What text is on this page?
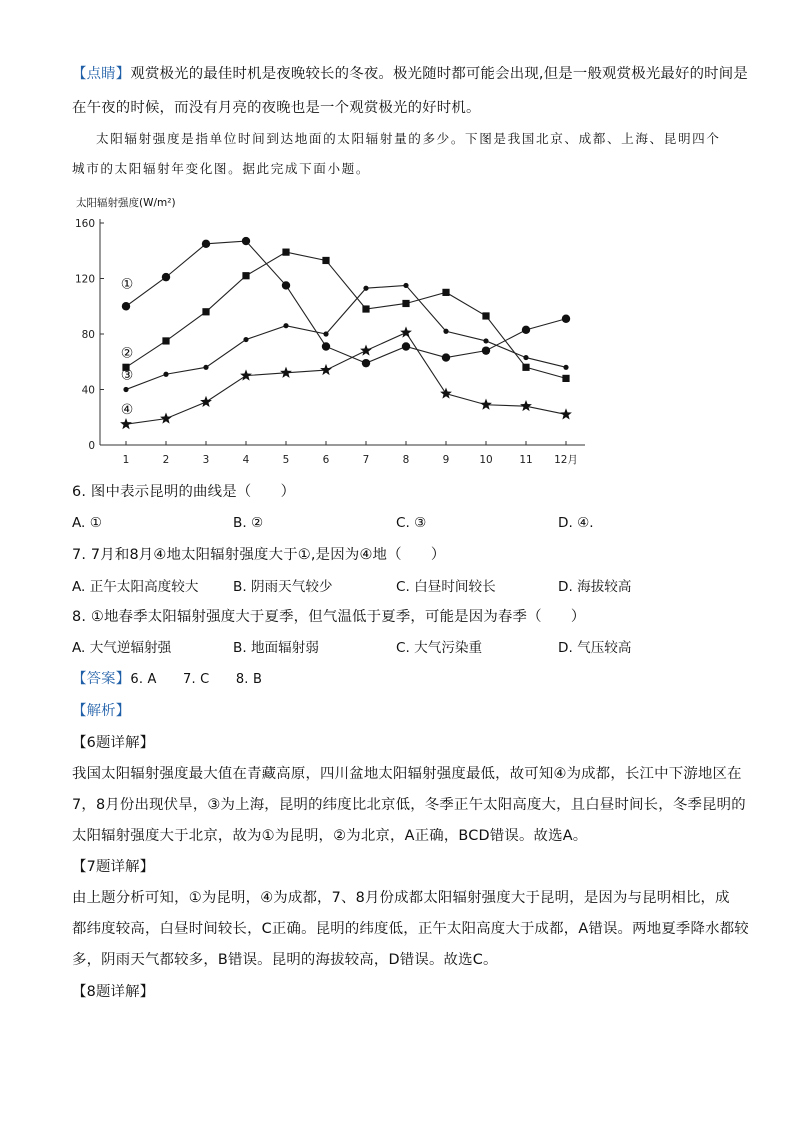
【点睛】观赏极光的最佳时机是夜晚较长的冬夜。极光随时都可能会出现,但是一般观赏极光最好的时间是
在午夜的时候，而没有月亮的夜晚也是一个观赏极光的好时机。
太阳辐射强度是指单位时间到达地面的太阳辐射量的多少。下图是我国北京、成都、上海、昆明四个
城市的太阳辐射年变化图。据此完成下面小题。
太阳辐射强度(W/m²)
0
40
80
120
160
1	2	3	4	5	6	7	8	9	10	11 12月
①
②
③
④
6. 图中表示昆明的曲线是（　　）
A. ①	B. ②	C. ③	D. ④.
7. 7月和8月④地太阳辐射强度大于①,是因为④地（　　）
A. 正午太阳高度较大	B. 阴雨天气较少	C. 白昼时间较长	D. 海拔较高
8. ①地春季太阳辐射强度大于夏季，但气温低于夏季，可能是因为春季（　　）
A. 大气逆辐射强	B. 地面辐射弱	C. 大气污染重	D. 气压较高
【答案】6. A　　7. C　　8. B
【解析】
【6题详解】
我国太阳辐射强度最大值在青藏高原，四川盆地太阳辐射强度最低，故可知④为成都，长江中下游地区在
7，8月份出现伏旱，③为上海，昆明的纬度比北京低，冬季正午太阳高度大，且白昼时间长，冬季昆明的
太阳辐射强度大于北京，故为①为昆明，②为北京，A正确，BCD错误。故选A。
【7题详解】
由上题分析可知，①为昆明，④为成都，7、8月份成都太阳辐射强度大于昆明，是因为与昆明相比，成
都纬度较高，白昼时间较长，C正确。昆明的纬度低，正午太阳高度大于成都，A错误。两地夏季降水都较
多，阴雨天气都较多，B错误。昆明的海拔较高，D错误。故选C。
【8题详解】
